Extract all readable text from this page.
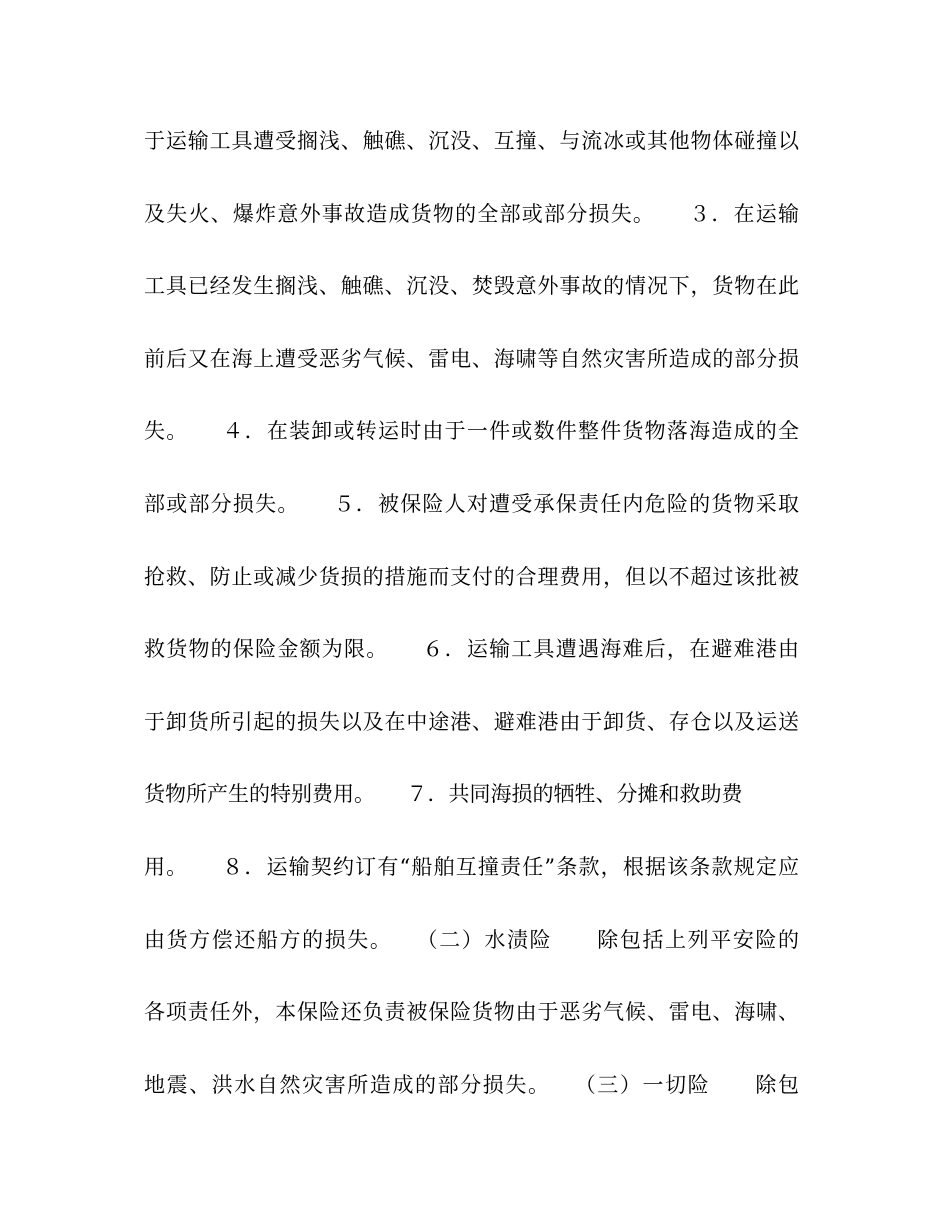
于运输工具遭受搁浅、触礁、沉没、互撞、与流冰或其他物体碰撞以
及失火、爆炸意外事故造成货物的全部或部分损失。　　３．在运输
工具已经发生搁浅、触礁、沉没、焚毁意外事故的情况下，货物在此
前后又在海上遭受恶劣气候、雷电、海啸等自然灾害所造成的部分损
失。　　４．在装卸或转运时由于一件或数件整件货物落海造成的全
部或部分损失。　　５．被保险人对遭受承保责任内危险的货物采取
抢救、防止或减少货损的措施而支付的合理费用，但以不超过该批被
救货物的保险金额为限。　　６．运输工具遭遇海难后，在避难港由
于卸货所引起的损失以及在中途港、避难港由于卸货、存仓以及运送
货物所产生的特别费用。　　７．共同海损的牺牲、分摊和救助费
用。　　８．运输契约订有“船舶互撞责任”条款，根据该条款规定应
由货方偿还船方的损失。　　（二）水渍险　　除包括上列平安险的
各项责任外，本保险还负责被保险货物由于恶劣气候、雷电、海啸、
地震、洪水自然灾害所造成的部分损失。　　（三）一切险　　除包
